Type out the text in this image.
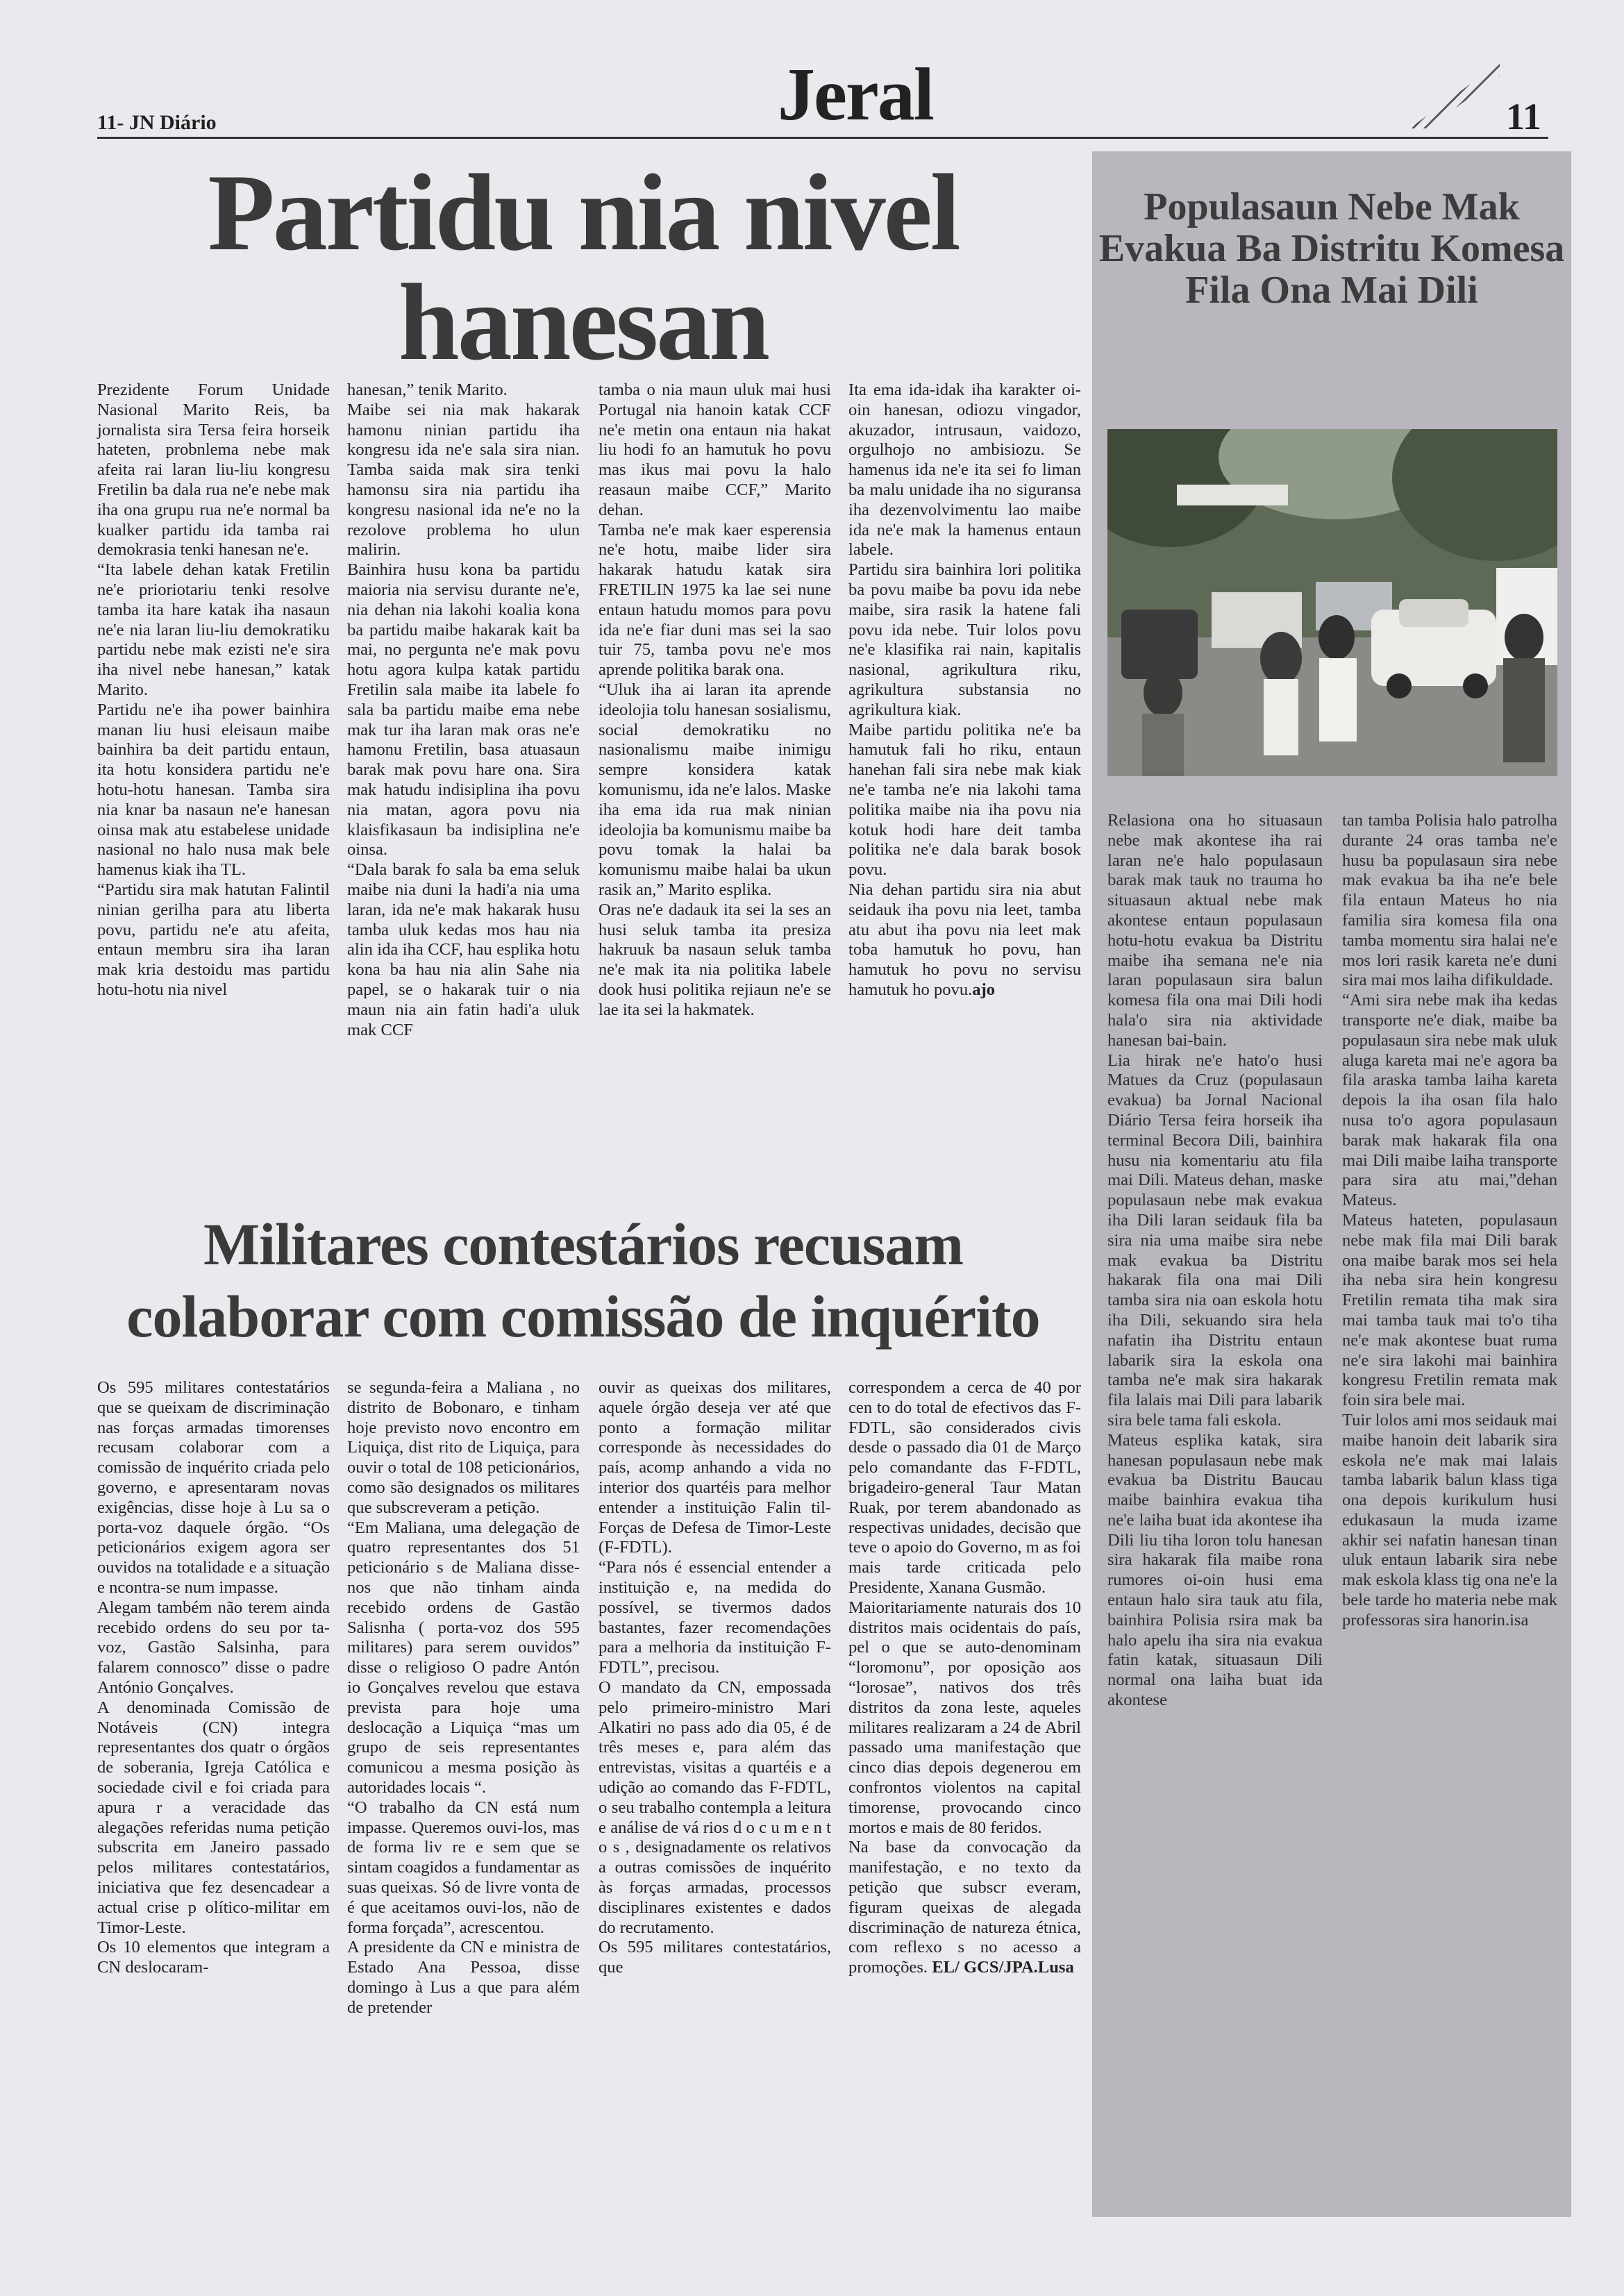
11- JN Diário	Jeral	11
Partidu nia nivel
hanesan

Prezidente Forum Unidade Nasional Marito Reis, ba jornalista sira Tersa feira horseik hateten, probnlema nebe mak afeita rai laran liu-liu kongresu Fretilin ba dala rua ne'e nebe mak iha ona grupu rua ne'e normal ba kualker partidu ida tamba rai demokrasia tenki hanesan ne'e.

“Ita labele dehan katak Fretilin ne'e prioriotariu tenki resolve tamba ita hare katak iha nasaun ne'e nia laran liu-liu demokratiku partidu nebe mak ezisti ne'e sira iha nivel nebe hanesan,” katak Marito.

Partidu ne'e iha power bainhira manan liu husi eleisaun maibe bainhira ba deit partidu entaun, ita hotu konsidera partidu ne'e hotu-hotu hanesan. Tamba sira nia knar ba nasaun ne'e hanesan oinsa mak atu estabelese unidade nasional no halo nusa mak bele hamenus kiak iha TL.

“Partidu sira mak hatutan Falintil ninian gerilha para atu liberta povu, partidu ne'e atu afeita, entaun membru sira iha laran mak kria destoidu mas partidu hotu-hotu nia nivel

hanesan,” tenik Marito.

Maibe sei nia mak hakarak hamonu ninian partidu iha kongresu ida ne'e sala sira nian. Tamba saida mak sira tenki hamonsu sira nia partidu iha kongresu nasional ida ne'e no la rezolove problema ho ulun malirin.

Bainhira husu kona ba partidu maioria nia servisu durante ne'e, nia dehan nia lakohi koalia kona ba partidu maibe hakarak kait ba mai, no pergunta ne'e mak povu hotu agora kulpa katak partidu Fretilin sala maibe ita labele fo sala ba partidu maibe ema nebe mak tur iha laran mak oras ne'e hamonu Fretilin, basa atuasaun barak mak povu hare ona. Sira mak hatudu indisiplina iha povu nia matan, agora povu nia klaisfikasaun ba indisiplina ne'e oinsa.

“Dala barak fo sala ba ema seluk maibe nia duni la hadi'a nia uma laran, ida ne'e mak hakarak husu tamba uluk kedas mos hau nia alin ida iha CCF, hau esplika hotu kona ba hau nia alin Sahe nia papel, se o hakarak tuir o nia maun nia ain fatin hadi'a uluk mak CCF

tamba o nia maun uluk mai husi Portugal nia hanoin katak CCF ne'e metin ona entaun nia hakat liu hodi fo an hamutuk ho povu mas ikus mai povu la halo reasaun maibe CCF,” Marito dehan.

Tamba ne'e mak kaer esperensia ne'e hotu, maibe lider sira hakarak hatudu katak sira FRETILIN 1975 ka lae sei nune entaun hatudu momos para povu ida ne'e fiar duni mas sei la sao tuir 75, tamba povu ne'e mos aprende politika barak ona.

“Uluk iha ai laran ita aprende ideolojia tolu hanesan sosialismu, social demokratiku no nasionalismu maibe inimigu sempre konsidera katak komunismu, ida ne'e lalos. Maske iha ema ida rua mak ninian ideolojia ba komunismu maibe ba povu tomak la halai ba komunismu maibe halai ba ukun rasik an,” Marito esplika.

Oras ne'e dadauk ita sei la ses an husi seluk tamba ita presiza hakruuk ba nasaun seluk tamba ne'e mak ita nia politika labele dook husi politika rejiaun ne'e se lae ita sei la hakmatek.

Ita ema ida-idak iha karakter oi-oin hanesan, odiozu vingador, akuzador, intrusaun, vaidozo, orgulhojo no ambisiozu. Se hamenus ida ne'e ita sei fo liman ba malu unidade iha no siguransa iha dezenvolvimentu lao maibe ida ne'e mak la hamenus entaun labele.

Partidu sira bainhira lori politika ba povu maibe ba povu ida nebe maibe, sira rasik la hatene fali povu ida nebe. Tuir lolos povu ne'e klasifika rai nain, kapitalis nasional, agrikultura riku, agrikultura substansia no agrikultura kiak.

Maibe partidu politika ne'e ba hamutuk fali ho riku, entaun hanehan fali sira nebe mak kiak ne'e tamba ne'e nia lakohi tama politika maibe nia iha povu nia kotuk hodi hare deit tamba politika ne'e dala barak bosok povu.

Nia dehan partidu sira nia abut seidauk iha povu nia leet, tamba atu abut iha povu nia leet mak toba hamutuk ho povu, han hamutuk ho povu no servisu hamutuk ho povu.ajo

Militares contestários recusam
colaborar com comissão de inquérito

Os 595 militares contestatários que se queixam de discriminação nas forças armadas timorenses recusam colaborar com a comissão de inquérito criada pelo governo, e apresentaram novas exigências, disse hoje à Lu sa o porta-voz daquele órgão. “Os peticionários exigem agora ser ouvidos na totalidade e a situação e ncontra-se num impasse.

Alegam também não terem ainda recebido ordens do seu por ta-voz, Gastão Salsinha, para falarem connosco” disse o padre António Gonçalves.

A denominada Comissão de Notáveis (CN) integra representantes dos quatr o órgãos de soberania, Igreja Católica e sociedade civil e foi criada para apura r a veracidade das alegações referidas numa petição subscrita em Janeiro passado pelos militares contestatários, iniciativa que fez desencadear a actual crise p olítico-militar em Timor-Leste.

Os 10 elementos que integram a CN deslocaram-

se segunda-feira a Maliana , no distrito de Bobonaro, e tinham hoje previsto novo encontro em Liquiça, dist rito de Liquiça, para ouvir o total de 108 peticionários, como são designados os militares que subscreveram a petição.

“Em Maliana, uma delegação de quatro representantes dos 51 peticionário s de Maliana disse-nos que não tinham ainda recebido ordens de Gastão Salisnha ( porta-voz dos 595 militares) para serem ouvidos” disse o religioso O padre Antón io Gonçalves revelou que estava prevista para hoje uma deslocação a Liquiça “mas um grupo de seis representantes comunicou a mesma posição às autoridades locais “.

“O trabalho da CN está num impasse. Queremos ouvi-los, mas de forma liv re e sem que se sintam coagidos a fundamentar as suas queixas. Só de livre vonta de é que aceitamos ouvi-los, não de forma forçada”, acrescentou.

A presidente da CN e ministra de Estado Ana Pessoa, disse domingo à Lus a que para além de pretender

ouvir as queixas dos militares, aquele órgão deseja ver até que ponto a formação militar corresponde às necessidades do país, acomp anhando a vida no interior dos quartéis para melhor entender a instituição Falin til-Forças de Defesa de Timor-Leste (F-FDTL).

“Para nós é essencial entender a instituição e, na medida do possível, se tivermos dados bastantes, fazer recomendações para a melhoria da instituição F-FDTL”, precisou.

O mandato da CN, empossada pelo primeiro-ministro Mari Alkatiri no pass ado dia 05, é de três meses e, para além das entrevistas, visitas a quartéis e a udição ao comando das F-FDTL, o seu trabalho contempla a leitura e análise de vá rios d o c u m e n t o s , designadamente os relativos a outras comissões de inquérito às forças armadas, processos disciplinares existentes e dados do recrutamento.

Os 595 militares contestatários, que

correspondem a cerca de 40 por cen to do total de efectivos das F-FDTL, são considerados civis desde o passado dia 01 de Março pelo comandante das F-FDTL, brigadeiro-general Taur Matan Ruak, por terem abandonado as respectivas unidades, decisão que teve o apoio do Governo, m as foi mais tarde criticada pelo Presidente, Xanana Gusmão.

Maioritariamente naturais dos 10 distritos mais ocidentais do país, pel o que se auto-denominam “loromonu”, por oposição aos “lorosae”, nativos dos três distritos da zona leste, aqueles militares realizaram a 24 de Abril passado uma manifestação que cinco dias depois degenerou em confrontos violentos na capital timorense, provocando cinco mortos e mais de 80 feridos.

Na base da convocação da manifestação, e no texto da petição que subscr everam, figuram queixas de alegada discriminação de natureza étnica, com reflexo s no acesso a promoções. EL/ GCS/JPA.Lusa

Populasaun Nebe Mak Evakua Ba Distritu Komesa Fila Ona Mai Dili

Relasiona ona ho situasaun nebe mak akontese iha rai laran ne'e halo populasaun barak mak tauk no trauma ho situasaun aktual nebe mak akontese entaun populasaun hotu-hotu evakua ba Distritu maibe iha semana ne'e nia laran populasaun sira balun komesa fila ona mai Dili hodi hala'o sira nia aktividade hanesan bai-bain.

Lia hirak ne'e hato'o husi Matues da Cruz (populasaun evakua) ba Jornal Nacional Diário Tersa feira horseik iha terminal Becora Dili, bainhira husu nia komentariu atu fila mai Dili. Mateus dehan, maske populasaun nebe mak evakua iha Dili laran seidauk fila ba sira nia uma maibe sira nebe mak evakua ba Distritu hakarak fila ona mai Dili tamba sira nia oan eskola hotu iha Dili, sekuando sira hela nafatin iha Distritu entaun labarik sira la eskola ona tamba ne'e mak sira hakarak fila lalais mai Dili para labarik sira bele tama fali eskola.

Mateus esplika katak, sira hanesan populasaun nebe mak evakua ba Distritu Baucau maibe bainhira evakua tiha ne'e laiha buat ida akontese iha Dili liu tiha loron tolu hanesan sira hakarak fila maibe rona rumores oi-oin husi ema entaun halo sira tauk atu fila, bainhira Polisia rsira mak ba halo apelu iha sira nia evakua fatin katak, situasaun Dili normal ona laiha buat ida akontese

tan tamba Polisia halo patrolha durante 24 oras tamba ne'e husu ba populasaun sira nebe mak evakua ba iha ne'e bele fila entaun Mateus ho nia familia sira komesa fila ona tamba momentu sira halai ne'e mos lori rasik kareta ne'e duni sira mai mos laiha difikuldade.

“Ami sira nebe mak iha kedas transporte ne'e diak, maibe ba populasaun sira nebe mak uluk aluga kareta mai ne'e agora ba fila araska tamba laiha kareta depois la iha osan fila halo nusa to'o agora populasaun barak mak hakarak fila ona mai Dili maibe laiha transporte para sira atu mai,”dehan Mateus.

Mateus hateten, populasaun nebe mak fila mai Dili barak ona maibe barak mos sei hela iha neba sira hein kongresu Fretilin remata tiha mak sira mai tamba tauk mai to'o tiha ne'e mak akontese buat ruma ne'e sira lakohi mai bainhira kongresu Fretilin remata mak foin sira bele mai.

Tuir lolos ami mos seidauk mai maibe hanoin deit labarik sira eskola ne'e mak mai lalais tamba labarik balun klass tiga ona depois kurikulum husi edukasaun la muda izame akhir sei nafatin hanesan tinan uluk entaun labarik sira nebe mak eskola klass tig ona ne'e la bele tarde ho materia nebe mak professoras sira hanorin.isa
